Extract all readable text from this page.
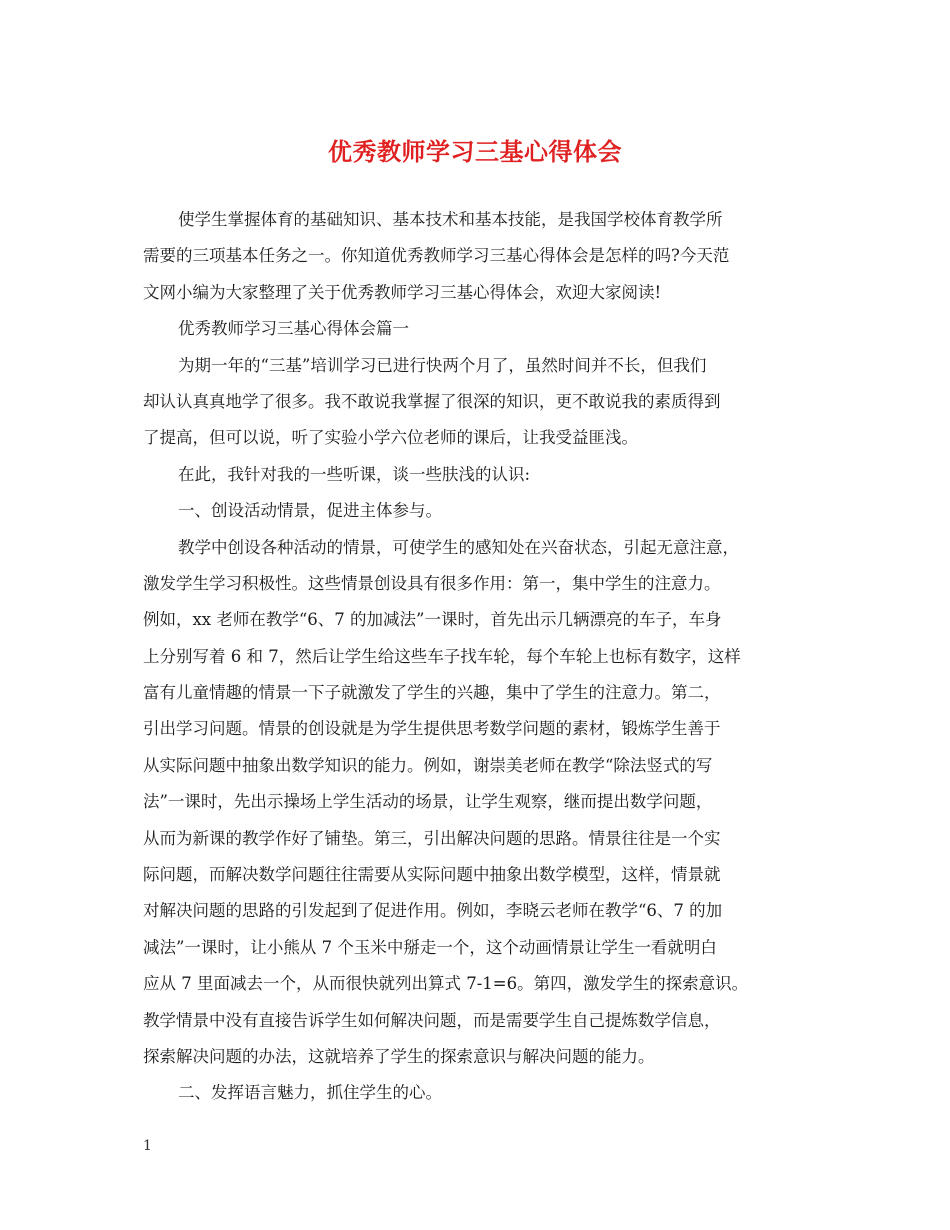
优秀教师学习三基心得体会
使学生掌握体育的基础知识、基本技术和基本技能，是我国学校体育教学所
需要的三项基本任务之一。你知道优秀教师学习三基心得体会是怎样的吗?今天范
文网小编为大家整理了关于优秀教师学习三基心得体会，欢迎大家阅读!
优秀教师学习三基心得体会篇一
为期一年的“三基”培训学习已进行快两个月了，虽然时间并不长，但我们
却认认真真地学了很多。我不敢说我掌握了很深的知识，更不敢说我的素质得到
了提高，但可以说，听了实验小学六位老师的课后，让我受益匪浅。
在此，我针对我的一些听课，谈一些肤浅的认识:
一、创设活动情景，促进主体参与。
教学中创设各种活动的情景，可使学生的感知处在兴奋状态，引起无意注意，
激发学生学习积极性。这些情景创设具有很多作用：第一，集中学生的注意力。
例如，xx 老师在教学“6、7 的加减法”一课时，首先出示几辆漂亮的车子，车身
上分别写着 6 和 7，然后让学生给这些车子找车轮，每个车轮上也标有数字，这样
富有儿童情趣的情景一下子就激发了学生的兴趣，集中了学生的注意力。第二，
引出学习问题。情景的创设就是为学生提供思考数学问题的素材，锻炼学生善于
从实际问题中抽象出数学知识的能力。例如，谢崇美老师在教学“除法竖式的写
法”一课时，先出示操场上学生活动的场景，让学生观察，继而提出数学问题，
从而为新课的教学作好了铺垫。第三，引出解决问题的思路。情景往往是一个实
际问题，而解决数学问题往往需要从实际问题中抽象出数学模型，这样，情景就
对解决问题的思路的引发起到了促进作用。例如，李晓云老师在教学“6、7 的加
减法”一课时，让小熊从 7 个玉米中掰走一个，这个动画情景让学生一看就明白
应从 7 里面减去一个，从而很快就列出算式 7-1=6。第四，激发学生的探索意识。
教学情景中没有直接告诉学生如何解决问题，而是需要学生自己提炼数学信息，
探索解决问题的办法，这就培养了学生的探索意识与解决问题的能力。
二、发挥语言魅力，抓住学生的心。
1
